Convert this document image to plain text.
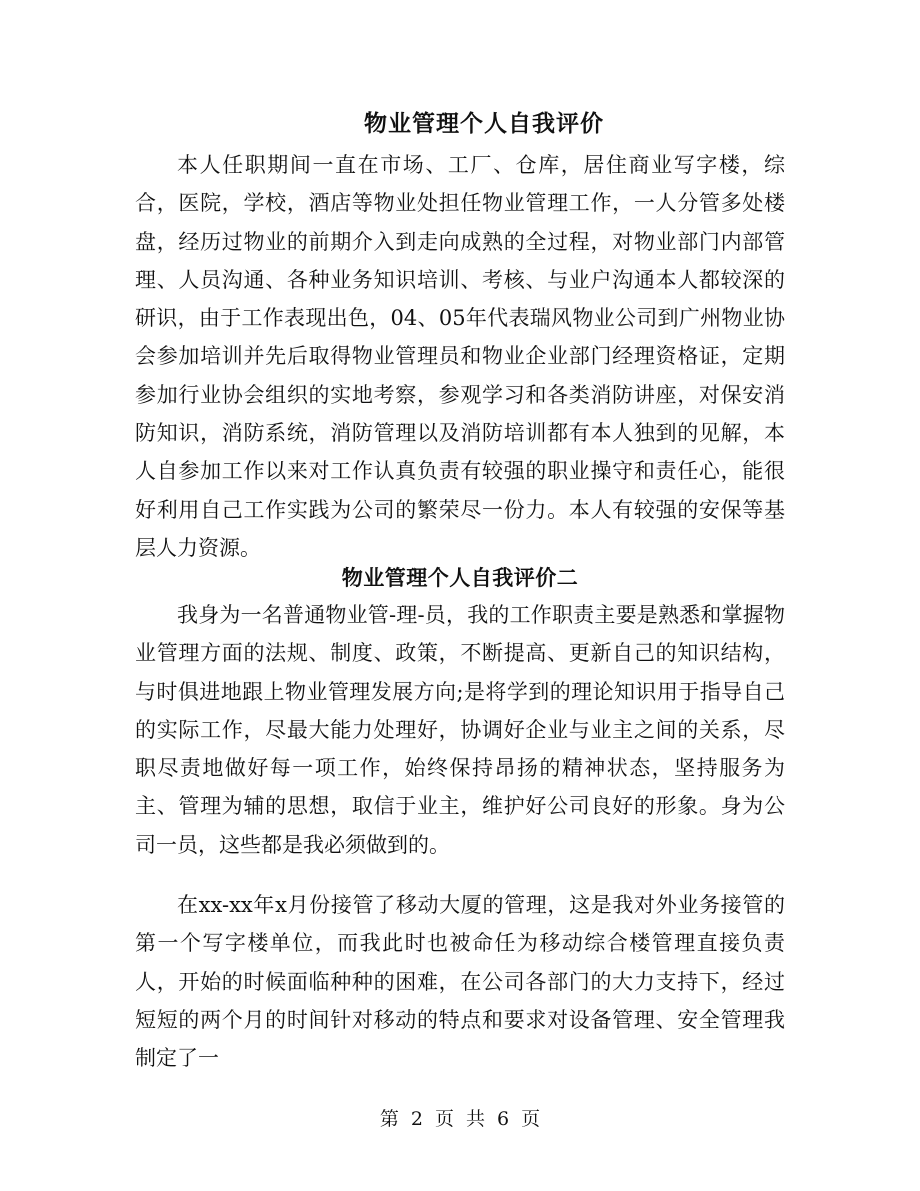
物业管理个人自我评价

本人任职期间一直在市场、工厂、仓库，居住商业写字楼，综合，医院，学校，酒店等物业处担任物业管理工作，一人分管多处楼盘，经历过物业的前期介入到走向成熟的全过程，对物业部门内部管理、人员沟通、各种业务知识培训、考核、与业户沟通本人都较深的研识，由于工作表现出色，04、05年代表瑞风物业公司到广州物业协会参加培训并先后取得物业管理员和物业企业部门经理资格证，定期参加行业协会组织的实地考察，参观学习和各类消防讲座，对保安消防知识，消防系统，消防管理以及消防培训都有本人独到的见解，本人自参加工作以来对工作认真负责有较强的职业操守和责任心，能很好利用自己工作实践为公司的繁荣尽一份力。本人有较强的安保等基层人力资源。

物业管理个人自我评价二

我身为一名普通物业管-理-员，我的工作职责主要是熟悉和掌握物业管理方面的法规、制度、政策，不断提高、更新自己的知识结构，与时俱进地跟上物业管理发展方向;是将学到的理论知识用于指导自己的实际工作，尽最大能力处理好，协调好企业与业主之间的关系，尽职尽责地做好每一项工作，始终保持昂扬的精神状态，坚持服务为主、管理为辅的思想，取信于业主，维护好公司良好的形象。身为公司一员，这些都是我必须做到的。

在xx-xx年x月份接管了移动大厦的管理，这是我对外业务接管的第一个写字楼单位，而我此时也被命任为移动综合楼管理直接负责人，开始的时候面临种种的困难，在公司各部门的大力支持下，经过短短的两个月的时间针对移动的特点和要求对设备管理、安全管理我制定了一

第 2 页 共 6 页
